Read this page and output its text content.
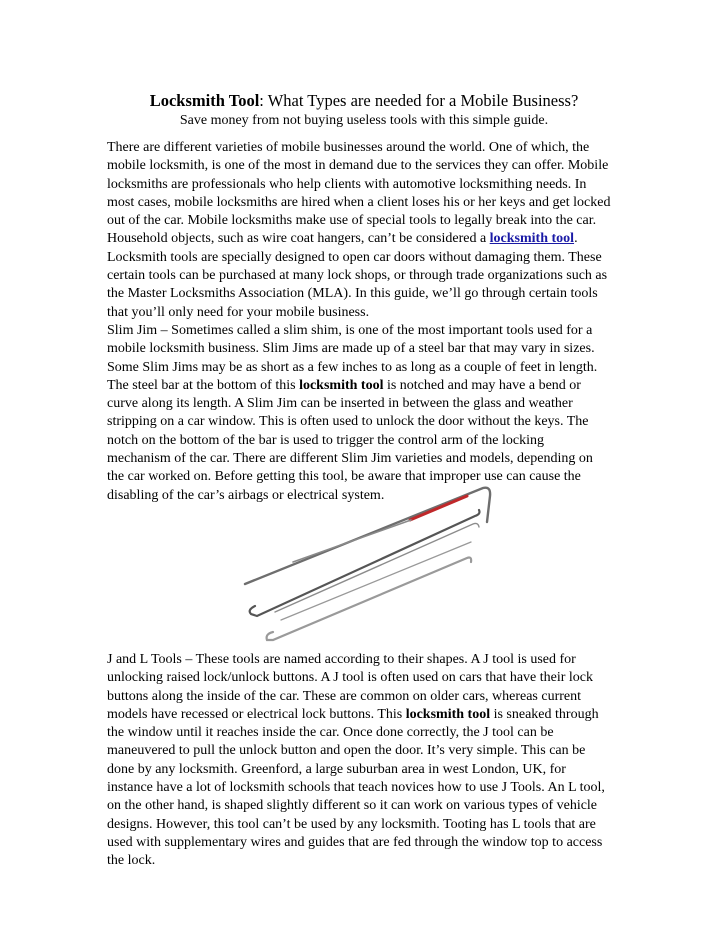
Locksmith Tool: What Types are needed for a Mobile Business?
Save money from not buying useless tools with this simple guide.
There are different varieties of mobile businesses around the world. One of which, the
mobile locksmith, is one of the most in demand due to the services they can offer. Mobile
locksmiths are professionals who help clients with automotive locksmithing needs. In
most cases, mobile locksmiths are hired when a client loses his or her keys and get locked
out of the car. Mobile locksmiths make use of special tools to legally break into the car.
Household objects, such as wire coat hangers, can’t be considered a locksmith tool.
Locksmith tools are specially designed to open car doors without damaging them. These
certain tools can be purchased at many lock shops, or through trade organizations such as
the Master Locksmiths Association (MLA). In this guide, we’ll go through certain tools
that you’ll only need for your mobile business.
Slim Jim – Sometimes called a slim shim, is one of the most important tools used for a
mobile locksmith business. Slim Jims are made up of a steel bar that may vary in sizes.
Some Slim Jims may be as short as a few inches to as long as a couple of feet in length.
The steel bar at the bottom of this locksmith tool is notched and may have a bend or
curve along its length. A Slim Jim can be inserted in between the glass and weather
stripping on a car window. This is often used to unlock the door without the keys. The
notch on the bottom of the bar is used to trigger the control arm of the locking
mechanism of the car. There are different Slim Jim varieties and models, depending on
the car worked on. Before getting this tool, be aware that improper use can cause the
disabling of the car’s airbags or electrical system.
J and L Tools – These tools are named according to their shapes. A J tool is used for
unlocking raised lock/unlock buttons. A J tool is often used on cars that have their lock
buttons along the inside of the car. These are common on older cars, whereas current
models have recessed or electrical lock buttons. This locksmith tool is sneaked through
the window until it reaches inside the car. Once done correctly, the J tool can be
maneuvered to pull the unlock button and open the door. It’s very simple. This can be
done by any locksmith. Greenford, a large suburban area in west London, UK, for
instance have a lot of locksmith schools that teach novices how to use J Tools. An L tool,
on the other hand, is shaped slightly different so it can work on various types of vehicle
designs. However, this tool can’t be used by any locksmith. Tooting has L tools that are
used with supplementary wires and guides that are fed through the window top to access
the lock.
